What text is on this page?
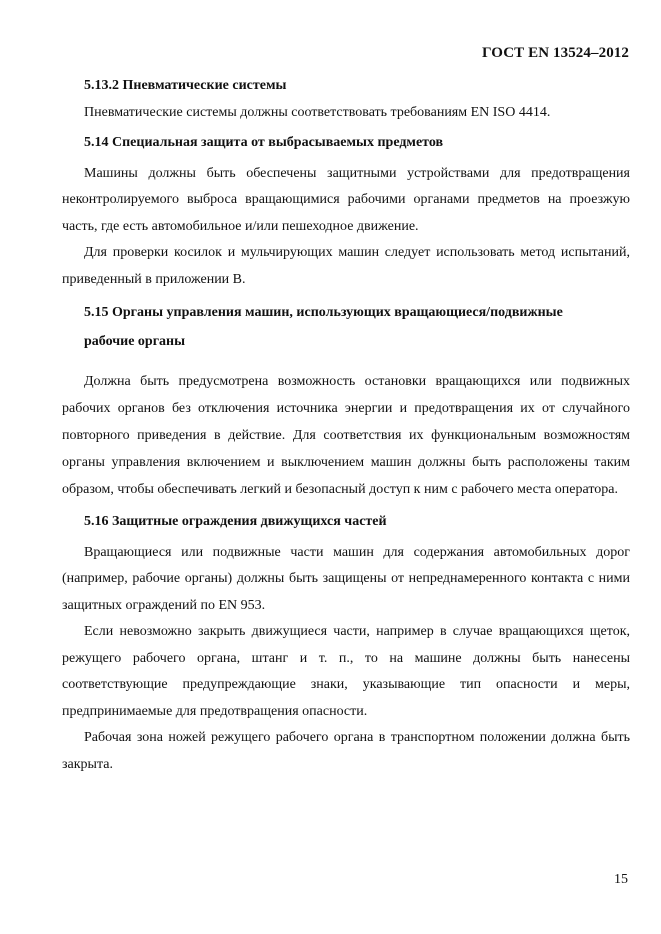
ГОСТ EN 13524–2012
5.13.2 Пневматические системы

Пневматические системы должны соответствовать требованиям EN ISO 4414.

5.14 Специальная защита от выбрасываемых предметов

Машины должны быть обеспечены защитными устройствами для предотвращения неконтролируемого выброса вращающимися рабочими органами предметов на проезжую часть, где есть автомобильное и/или пешеходное движение.

Для проверки косилок и мульчирующих машин следует использовать метод испытаний, приведенный в приложении B.

5.15 Органы управления машин, использующих вращающиеся/подвижные
рабочие органы

Должна быть предусмотрена возможность остановки вращающихся или подвижных рабочих органов без отключения источника энергии и предотвращения их от случайного повторного приведения в действие. Для соответствия их функциональным возможностям органы управления включением и выключением машин должны быть расположены таким образом, чтобы обеспечивать легкий и безопасный доступ к ним с рабочего места оператора.

5.16 Защитные ограждения движущихся частей

Вращающиеся или подвижные части машин для содержания автомобильных дорог (например, рабочие органы) должны быть защищены от непреднамеренного контакта с ними защитных ограждений по EN 953.

Если невозможно закрыть движущиеся части, например в случае вращающихся щеток, режущего рабочего органа, штанг и т. п., то на машине должны быть нанесены соответствующие предупреждающие знаки, указывающие тип опасности и меры, предпринимаемые для предотвращения опасности.

Рабочая зона ножей режущего рабочего органа в транспортном положении должна быть закрыта.

15
